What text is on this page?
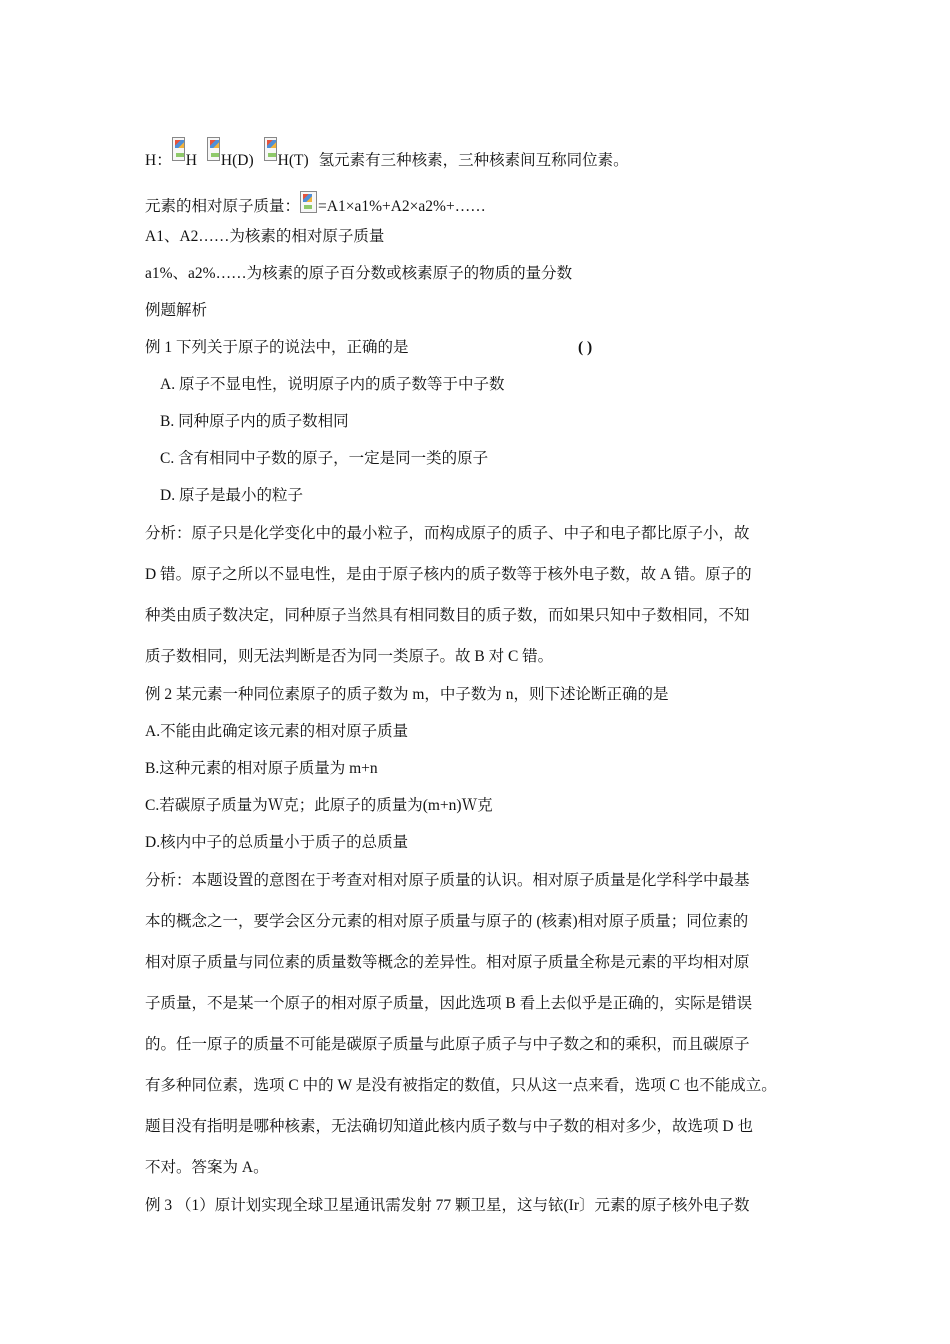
H： H H(D) H(T) 氢元素有三种核素，三种核素间互称同位素。
元素的相对原子质量： =A1×a1%+A2×a2%+……
A1、A2……为核素的相对原子质量
a1%、a2%……为核素的原子百分数或核素原子的物质的量分数
例题解析
例 1 下列关于原子的说法中，正确的是	( )
A. 原子不显电性，说明原子内的质子数等于中子数
B. 同种原子内的质子数相同
C. 含有相同中子数的原子，一定是同一类的原子
D. 原子是最小的粒子
分析：原子只是化学变化中的最小粒子，而构成原子的质子、中子和电子都比原子小，故
D 错。原子之所以不显电性，是由于原子核内的质子数等于核外电子数，故 A 错。原子的
种类由质子数决定，同种原子当然具有相同数目的质子数，而如果只知中子数相同，不知
质子数相同，则无法判断是否为同一类原子。故 B 对 C 错。
例 2 某元素一种同位素原子的质子数为 m，中子数为 n，则下述论断正确的是
A.不能由此确定该元素的相对原子质量
B.这种元素的相对原子质量为 m+n
C.若碳原子质量为Ｗ克；此原子的质量为(m+n)Ｗ克
D.核内中子的总质量小于质子的总质量
分析：本题设置的意图在于考查对相对原子质量的认识。相对原子质量是化学科学中最基
本的概念之一，要学会区分元素的相对原子质量与原子的 (核素)相对原子质量；同位素的
相对原子质量与同位素的质量数等概念的差异性。相对原子质量全称是元素的平均相对原
子质量，不是某一个原子的相对原子质量，因此选项 B 看上去似乎是正确的，实际是错误
的。任一原子的质量不可能是碳原子质量与此原子质子与中子数之和的乘积，而且碳原子
有多种同位素，选项 C 中的 W 是没有被指定的数值，只从这一点来看，选项 C 也不能成立。
题目没有指明是哪种核素，无法确切知道此核内质子数与中子数的相对多少，故选项 D 也
不对。答案为 A。
例 3 （1）原计划实现全球卫星通讯需发射 77 颗卫星，这与铱(Ir〕元素的原子核外电子数
